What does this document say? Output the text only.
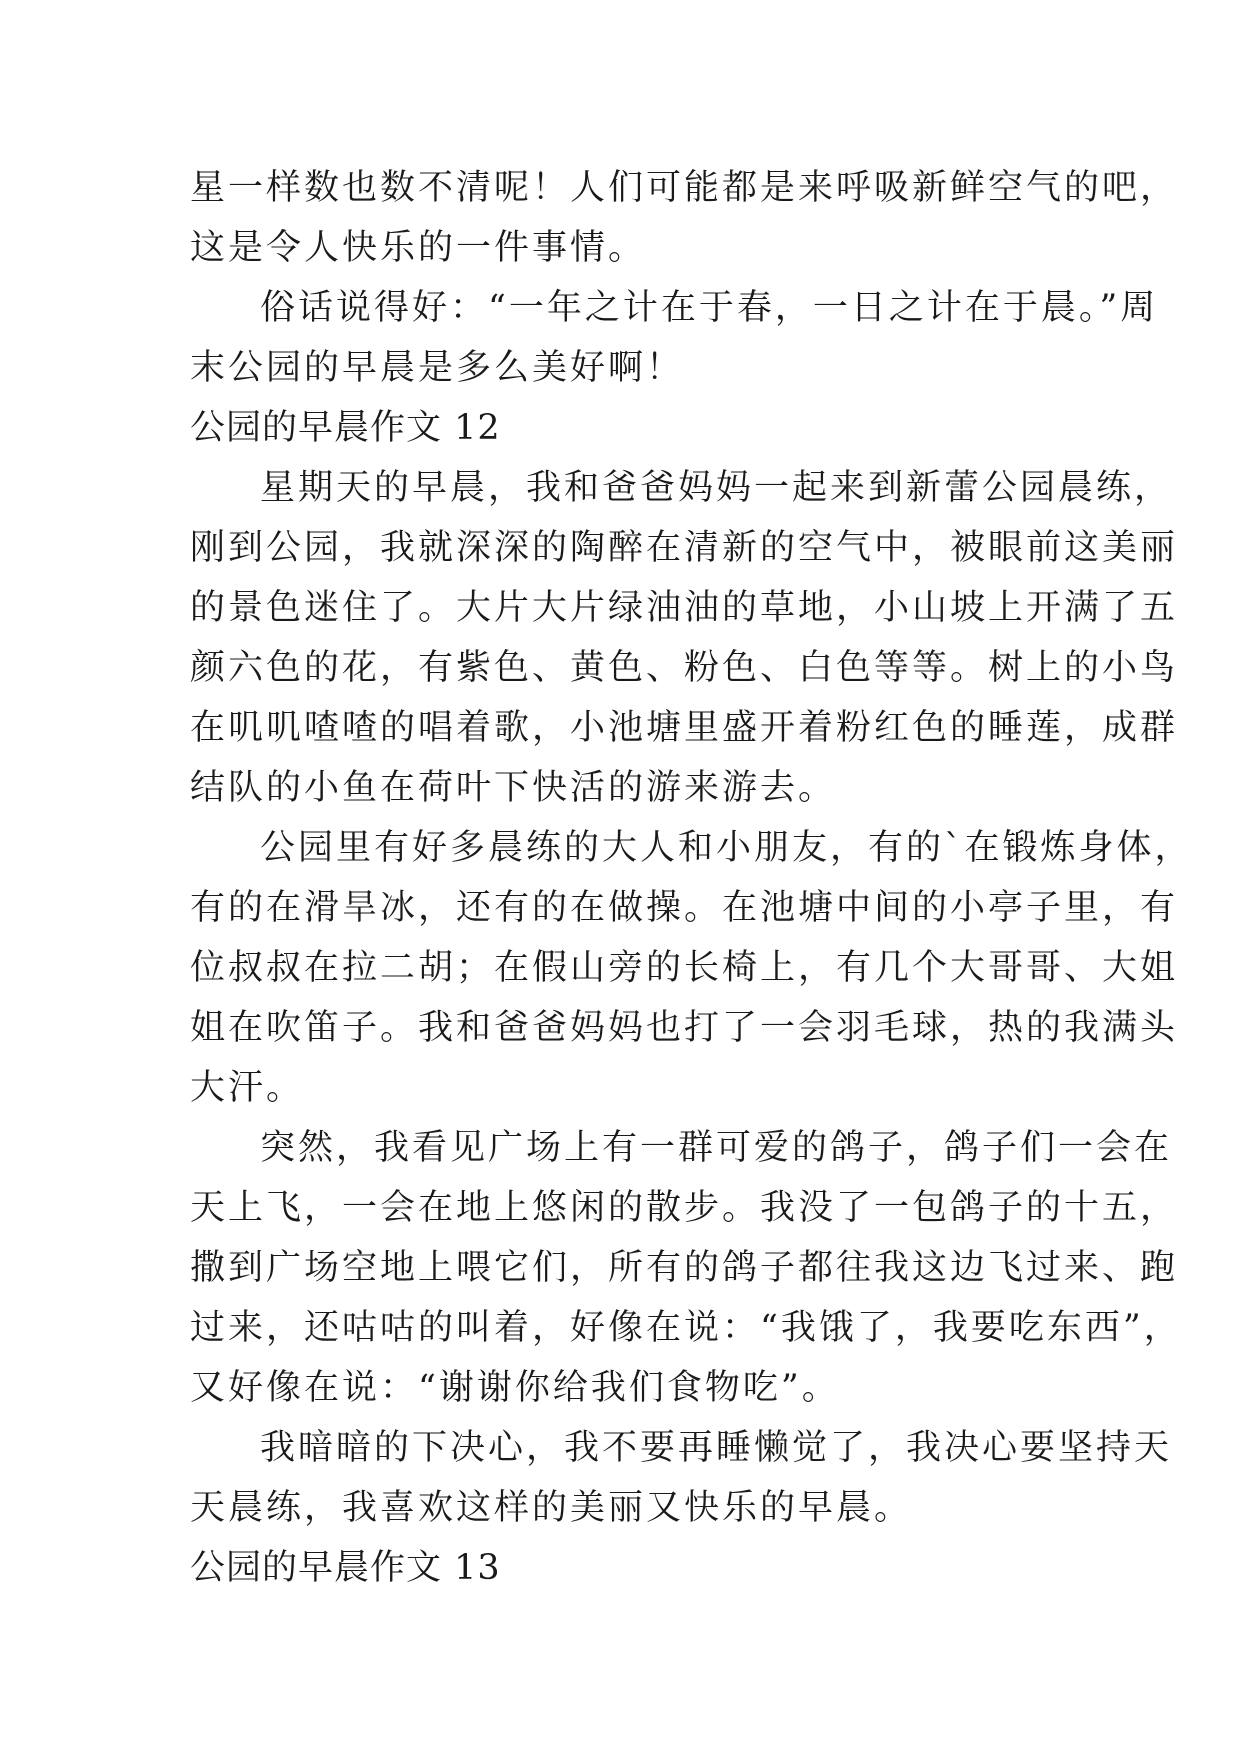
星一样数也数不清呢！人们可能都是来呼吸新鲜空气的吧，
这是令人快乐的一件事情。
俗话说得好：“一年之计在于春，一日之计在于晨。”周
末公园的早晨是多么美好啊！
公园的早晨作文 12
星期天的早晨，我和爸爸妈妈一起来到新蕾公园晨练，
刚到公园，我就深深的陶醉在清新的空气中，被眼前这美丽
的景色迷住了。大片大片绿油油的草地，小山坡上开满了五
颜六色的花，有紫色、黄色、粉色、白色等等。树上的小鸟
在叽叽喳喳的唱着歌，小池塘里盛开着粉红色的睡莲，成群
结队的小鱼在荷叶下快活的游来游去。
公园里有好多晨练的大人和小朋友，有的`在锻炼身体，
有的在滑旱冰，还有的在做操。在池塘中间的小亭子里，有
位叔叔在拉二胡；在假山旁的长椅上，有几个大哥哥、大姐
姐在吹笛子。我和爸爸妈妈也打了一会羽毛球，热的我满头
大汗。
突然，我看见广场上有一群可爱的鸽子，鸽子们一会在
天上飞，一会在地上悠闲的散步。我没了一包鸽子的十五，
撒到广场空地上喂它们，所有的鸽子都往我这边飞过来、跑
过来，还咕咕的叫着，好像在说：“我饿了，我要吃东西”，
又好像在说：“谢谢你给我们食物吃”。
我暗暗的下决心，我不要再睡懒觉了，我决心要坚持天
天晨练，我喜欢这样的美丽又快乐的早晨。
公园的早晨作文 13
